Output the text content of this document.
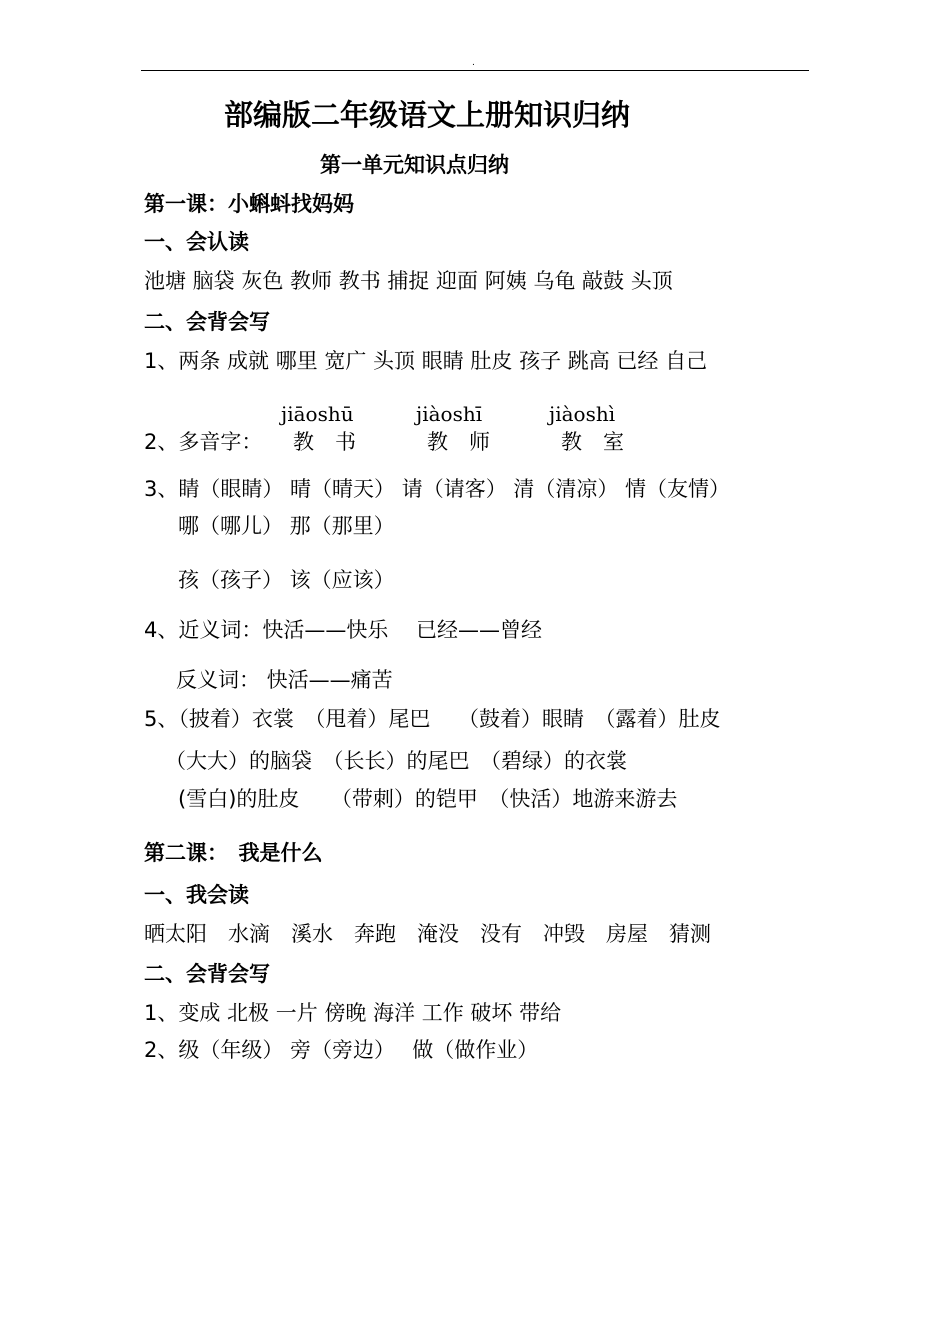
.
部编版二年级语文上册知识归纳
第一单元知识点归纳
第一课：小蝌蚪找妈妈
一、会认读
池塘 脑袋 灰色 教师 教书 捕捉 迎面 阿姨 乌龟 敲鼓 头顶
二、会背会写
1、两条 成就 哪里 宽广 头顶 眼睛 肚皮 孩子 跳高 已经 自己
jiāoshū	jiàoshī	jiàoshì
2、多音字： 教　书	教　师	教　室
3、睛（眼睛） 晴（晴天） 请（请客） 清（清凉） 情（友情）
哪（哪儿） 那（那里）
孩（孩子） 该（应该）
4、近义词：快活——快乐　 已经——曾经
反义词： 快活——痛苦
5、（披着）衣裳　（甩着）尾巴　 （鼓着）眼睛　（露着）肚皮
（大大）的脑袋　（长长）的尾巴　（碧绿）的衣裳
(雪白)的肚皮　　（带刺）的铠甲　（快活）地游来游去
第二课：　我是什么
一、我会读
晒太阳　水滴　溪水　奔跑　淹没　没有　冲毁　房屋　猜测
二、会背会写
1、变成 北极 一片 傍晚 海洋 工作 破坏 带给
2、级（年级） 旁（旁边）　 做（做作业）
